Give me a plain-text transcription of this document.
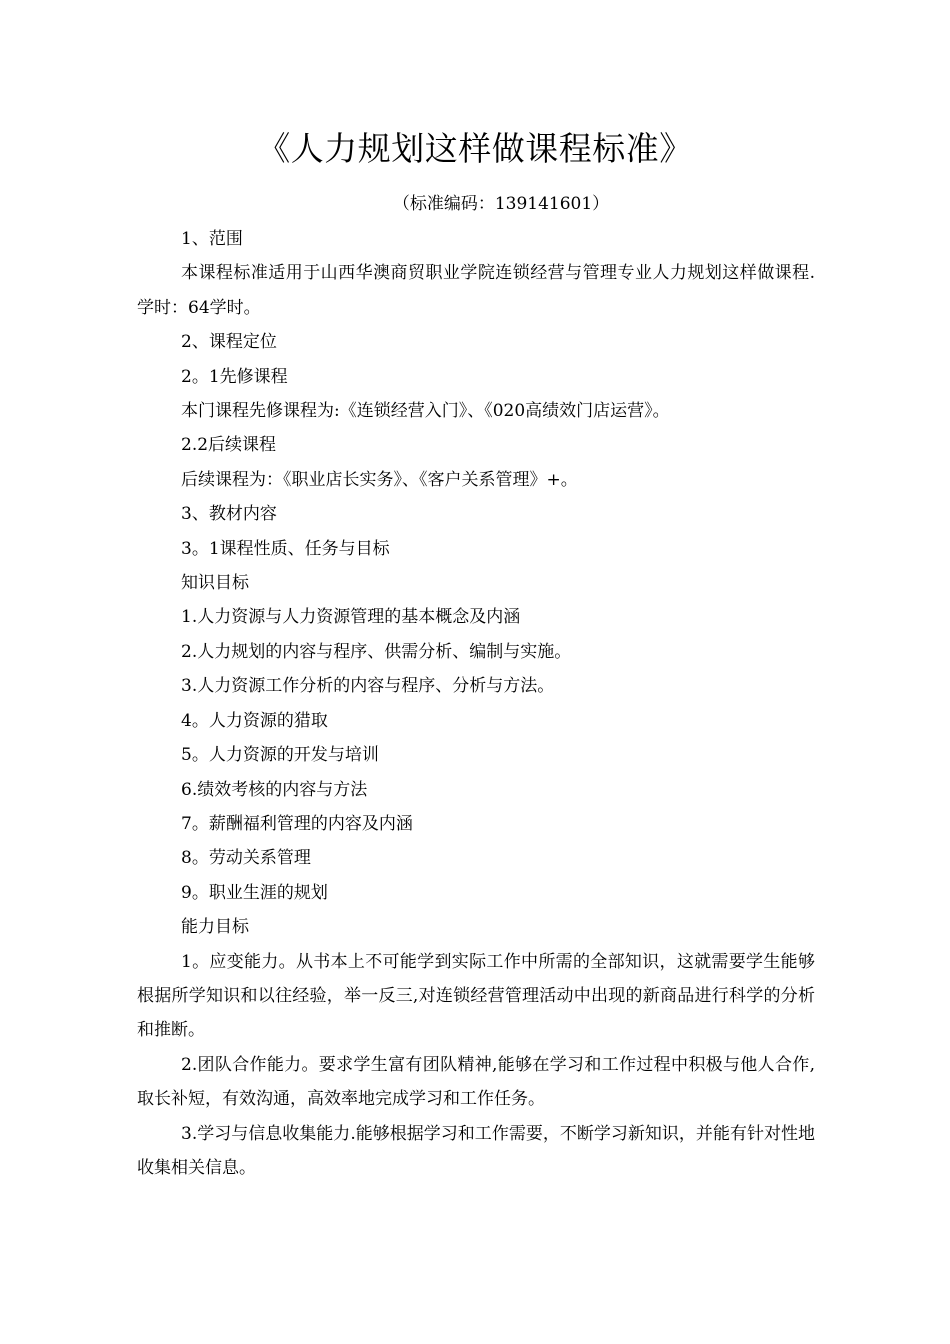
《人力规划这样做课程标准》
（标准编码：139141601）

1、范围

本课程标准适用于山西华澳商贸职业学院连锁经营与管理专业人力规划这样做课程.学时：64学时。

2、课程定位

2。1先修课程

本门课程先修课程为:《连锁经营入门》、《020高绩效门店运营》。

2.2后续课程

后续课程为：《职业店长实务》、《客户关系管理》+。

3、教材内容

3。1课程性质、任务与目标

知识目标

1.人力资源与人力资源管理的基本概念及内涵

2.人力规划的内容与程序、供需分析、编制与实施。

3.人力资源工作分析的内容与程序、分析与方法。

4。人力资源的猎取

5。人力资源的开发与培训

6.绩效考核的内容与方法

7。薪酬福利管理的内容及内涵

8。劳动关系管理

9。职业生涯的规划

能力目标

1。应变能力。从书本上不可能学到实际工作中所需的全部知识，这就需要学生能够根据所学知识和以往经验，举一反三,对连锁经营管理活动中出现的新商品进行科学的分析和推断。

2.团队合作能力。要求学生富有团队精神,能够在学习和工作过程中积极与他人合作,取长补短，有效沟通，高效率地完成学习和工作任务。

3.学习与信息收集能力.能够根据学习和工作需要，不断学习新知识，并能有针对性地收集相关信息。
